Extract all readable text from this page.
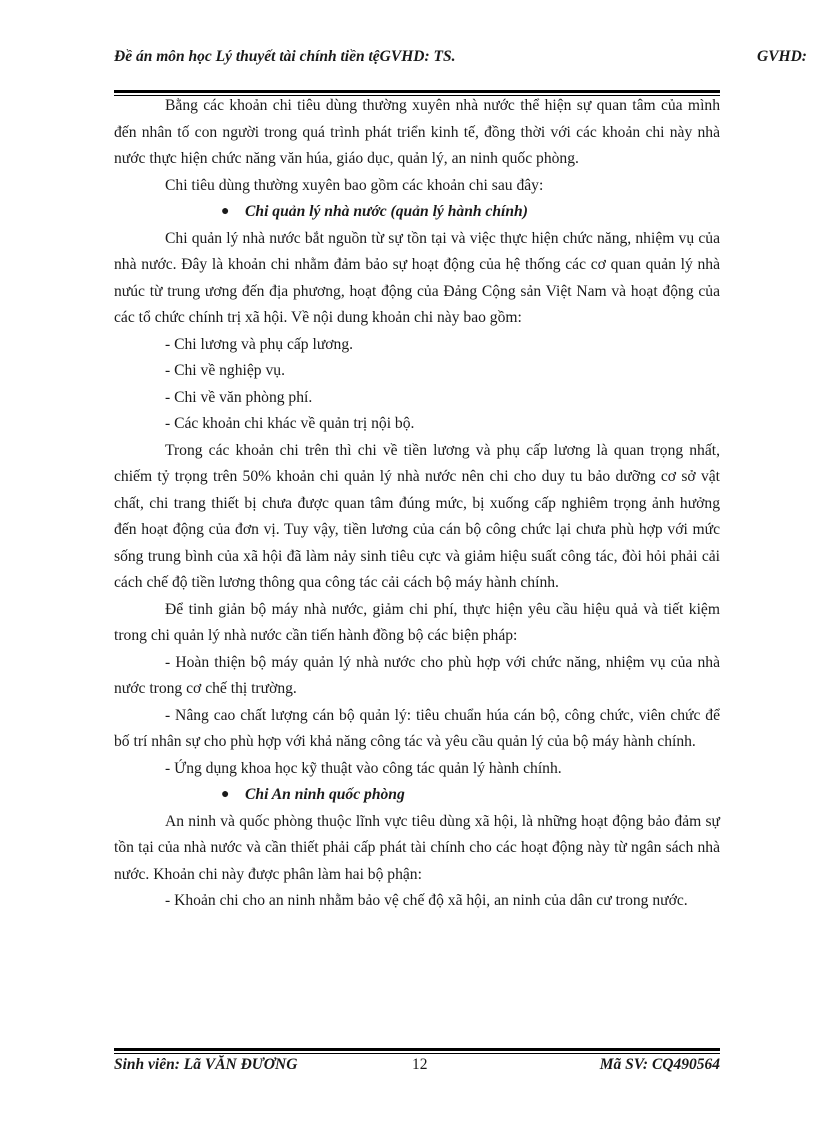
Đề án môn học Lý thuyết tài chính tiền tệGVHD: TS.	GVHD:

Bằng các khoản chi tiêu dùng thường xuyên nhà nước thể hiện sự quan tâm của mình đến nhân tố con người trong quá trình phát triển kinh tế, đồng thời với các khoản chi này nhà nước thực hiện chức năng văn húa, giáo dục, quản lý, an ninh quốc phòng.

Chi tiêu dùng thường xuyên bao gồm các khoản chi sau đây:

● Chi quản lý nhà nước (quản lý hành chính)

Chi quản lý nhà nước bắt nguồn từ sự tồn tại và việc thực hiện chức năng, nhiệm vụ của nhà nước. Đây là khoản chi nhằm đảm bảo sự hoạt động của hệ thống các cơ quan quản lý nhà nưúc từ trung ương đến địa phương, hoạt động của Đảng Cộng sản Việt Nam và hoạt động của các tổ chức chính trị xã hội. Về nội dung khoản chi này bao gồm:

- Chi lương và phụ cấp lương.

- Chi về nghiệp vụ.

- Chi về văn phòng phí.

- Các khoản chi khác về quản trị nội bộ.

Trong các khoản chi trên thì chi về tiền lương và phụ cấp lương là quan trọng nhất, chiếm tỷ trọng trên 50% khoản chi quản lý nhà nước nên chi cho duy tu bảo dưỡng cơ sở vật chất, chi trang thiết bị chưa được quan tâm đúng mức, bị xuống cấp nghiêm trọng ảnh hưởng đến hoạt động của đơn vị. Tuy vậy, tiền lương của cán bộ công chức lại chưa phù hợp với mức sống trung bình của xã hội đã làm nảy sinh tiêu cực và giảm hiệu suất công tác, đòi hỏi phải cải cách chế độ tiền lương thông qua công tác cải cách bộ máy hành chính.

Để tinh giản bộ máy nhà nước, giảm chi phí, thực hiện yêu cầu hiệu quả và tiết kiệm trong chi quản lý nhà nước cần tiến hành đồng bộ các biện pháp:

- Hoàn thiện bộ máy quản lý nhà nước cho phù hợp với chức năng, nhiệm vụ của nhà nước trong cơ chế thị trường.

- Nâng cao chất lượng cán bộ quản lý: tiêu chuẩn húa cán bộ, công chức, viên chức để bố trí nhân sự cho phù hợp với khả năng công tác và yêu cầu quản lý của bộ máy hành chính.

- Ứng dụng khoa học kỹ thuật vào công tác quản lý hành chính.

● Chi An ninh quốc phòng

An ninh và quốc phòng thuộc lĩnh vực tiêu dùng xã hội, là những hoạt động bảo đảm sự tồn tại của nhà nước và cần thiết phải cấp phát tài chính cho các hoạt động này từ ngân sách nhà nước. Khoản chi này được phân làm hai bộ phận:

- Khoản chi cho an ninh nhằm bảo vệ chế độ xã hội, an ninh của dân cư trong nước.

Sinh viên: Lã VĂN ĐƯƠNG	12	Mã SV: CQ490564
